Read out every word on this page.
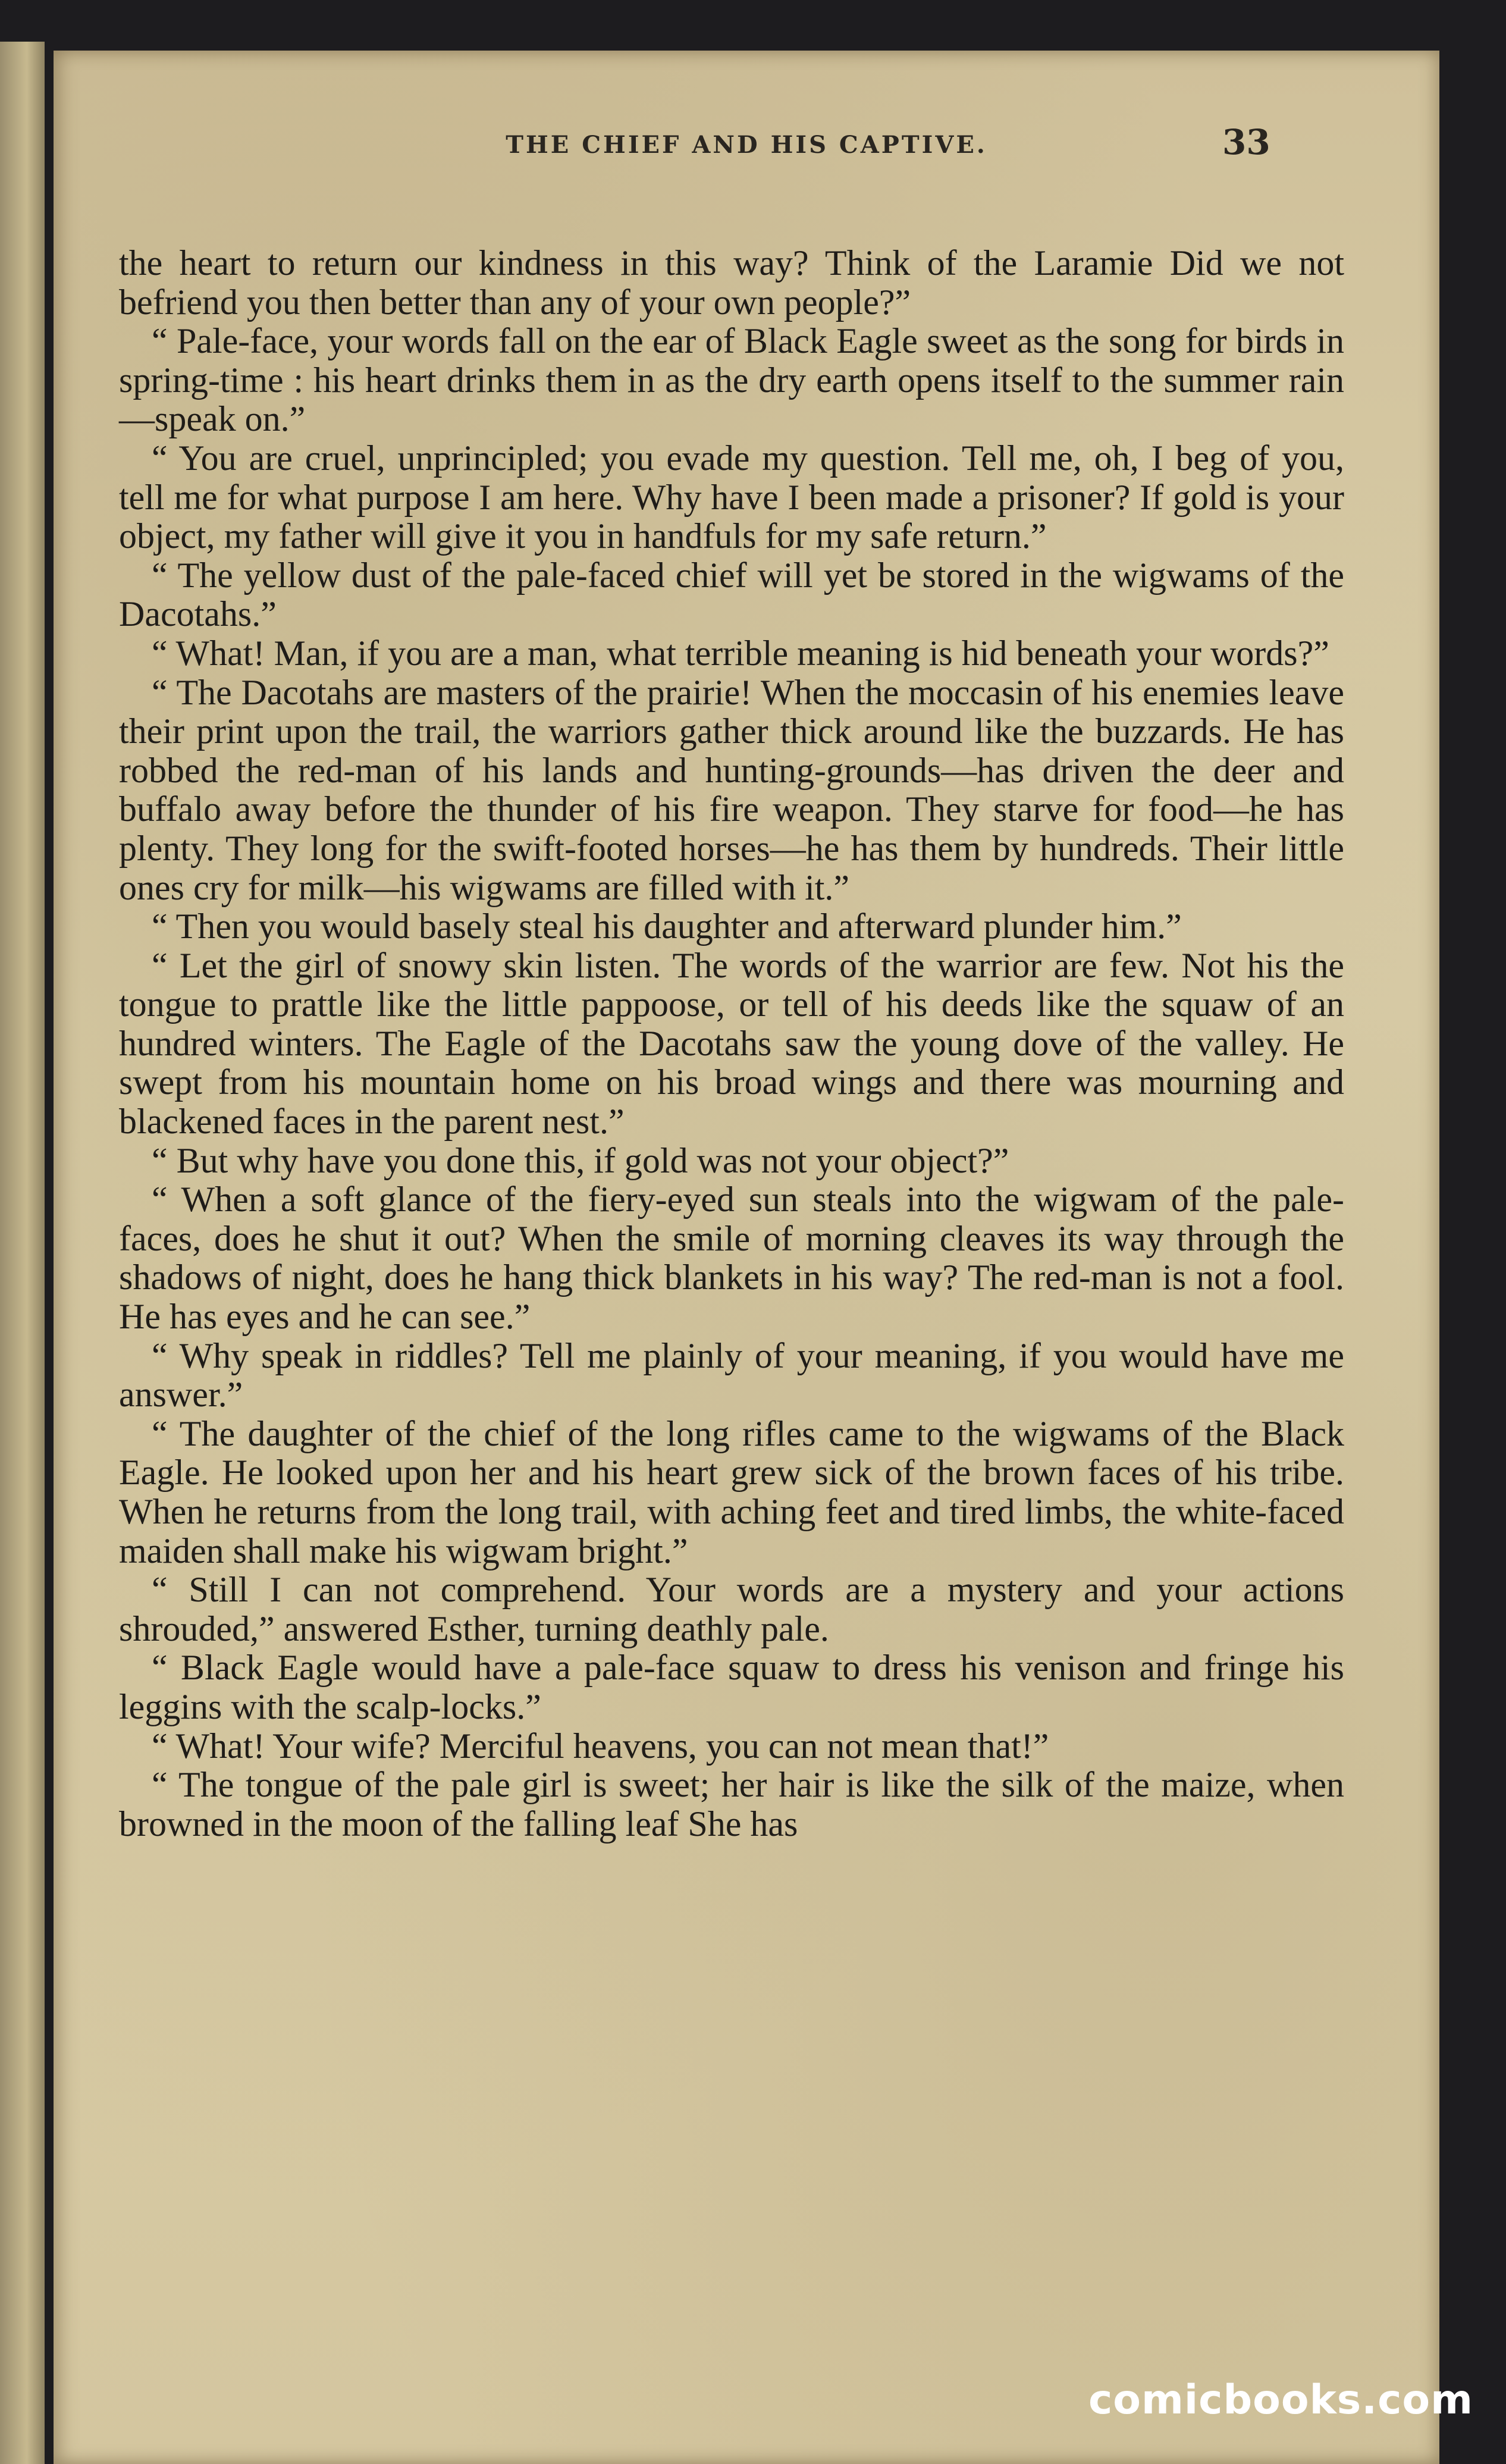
THE CHIEF AND HIS CAPTIVE.	33

the heart to return our kindness in this way? Think of the Laramie Did we not befriend you then better than any of your own people?”

“ Pale-face, your words fall on the ear of Black Eagle sweet as the song for birds in spring-time : his heart drinks them in as the dry earth opens itself to the summer rain—speak on.”

“ You are cruel, unprincipled; you evade my question. Tell me, oh, I beg of you, tell me for what purpose I am here. Why have I been made a prisoner? If gold is your object, my father will give it you in handfuls for my safe return.”

“ The yellow dust of the pale-faced chief will yet be stored in the wigwams of the Dacotahs.”

“ What! Man, if you are a man, what terrible meaning is hid beneath your words?”

“ The Dacotahs are masters of the prairie! When the moccasin of his enemies leave their print upon the trail, the warriors gather thick around like the buzzards. He has robbed the red-man of his lands and hunting-grounds—has driven the deer and buffalo away before the thunder of his fire weapon. They starve for food—he has plenty. They long for the swift-footed horses—he has them by hundreds. Their little ones cry for milk—his wigwams are filled with it.”

“ Then you would basely steal his daughter and afterward plunder him.”

“ Let the girl of snowy skin listen. The words of the warrior are few. Not his the tongue to prattle like the little pappoose, or tell of his deeds like the squaw of an hundred winters. The Eagle of the Dacotahs saw the young dove of the valley. He swept from his mountain home on his broad wings and there was mourning and blackened faces in the parent nest.”

“ But why have you done this, if gold was not your object?”

“ When a soft glance of the fiery-eyed sun steals into the wigwam of the pale-faces, does he shut it out? When the smile of morning cleaves its way through the shadows of night, does he hang thick blankets in his way? The red-man is not a fool. He has eyes and he can see.”

“ Why speak in riddles? Tell me plainly of your meaning, if you would have me answer.”

“ The daughter of the chief of the long rifles came to the wigwams of the Black Eagle. He looked upon her and his heart grew sick of the brown faces of his tribe. When he returns from the long trail, with aching feet and tired limbs, the white-faced maiden shall make his wigwam bright.”

“ Still I can not comprehend. Your words are a mystery and your actions shrouded,” answered Esther, turning deathly pale.

“ Black Eagle would have a pale-face squaw to dress his venison and fringe his leggins with the scalp-locks.”

“ What! Your wife? Merciful heavens, you can not mean that!”

“ The tongue of the pale girl is sweet; her hair is like the silk of the maize, when browned in the moon of the falling leaf She has

comicbooks.com
